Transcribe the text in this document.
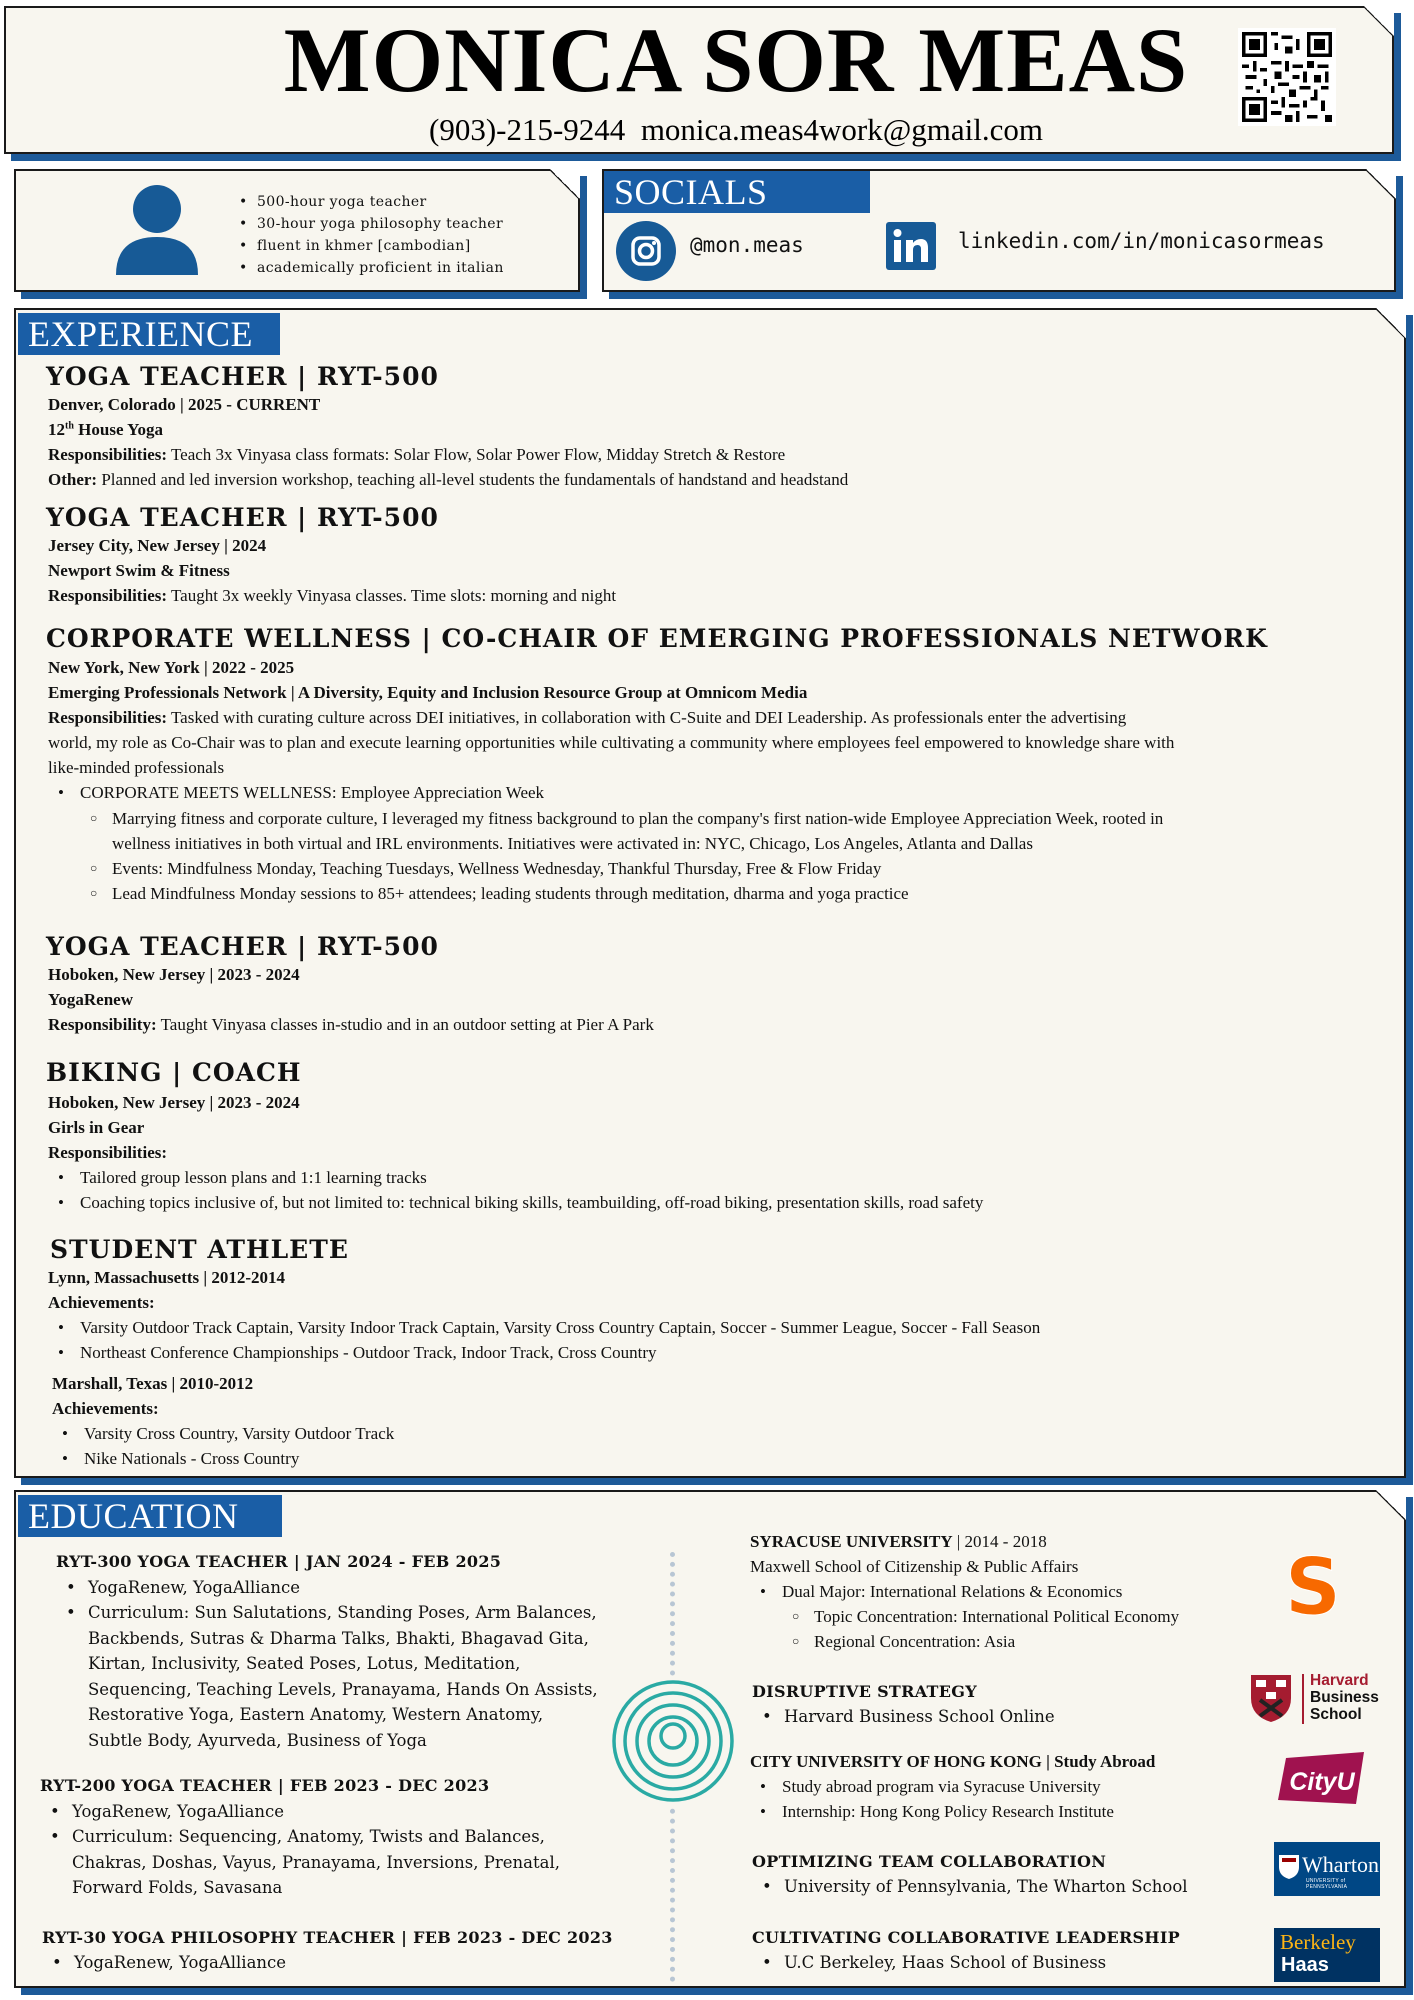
MONICA SOR MEAS
(903)-215-9244 monica.meas4work@gmail.com
• 500-hour yoga teacher
• 30-hour yoga philosophy teacher
• fluent in khmer [cambodian]
• academically proficient in italian
SOCIALS
@mon.meas	linkedin.com/in/monicasormeas
EXPERIENCE
YOGA TEACHER | RYT-500
Denver, Colorado | 2025 - CURRENT
12th House Yoga
Responsibilities: Teach 3x Vinyasa class formats: Solar Flow, Solar Power Flow, Midday Stretch & Restore
Other: Planned and led inversion workshop, teaching all-level students the fundamentals of handstand and headstand
YOGA TEACHER | RYT-500
Jersey City, New Jersey | 2024
Newport Swim & Fitness
Responsibilities: Taught 3x weekly Vinyasa classes. Time slots: morning and night
CORPORATE WELLNESS | CO-CHAIR OF EMERGING PROFESSIONALS NETWORK
New York, New York | 2022 - 2025
Emerging Professionals Network | A Diversity, Equity and Inclusion Resource Group at Omnicom Media
Responsibilities: Tasked with curating culture across DEI initiatives, in collaboration with C-Suite and DEI Leadership. As professionals enter the advertising
world, my role as Co-Chair was to plan and execute learning opportunities while cultivating a community where employees feel empowered to knowledge share with
like-minded professionals
• CORPORATE MEETS WELLNESS: Employee Appreciation Week
○ Marrying fitness and corporate culture, I leveraged my fitness background to plan the company's first nation-wide Employee Appreciation Week, rooted in
wellness initiatives in both virtual and IRL environments. Initiatives were activated in: NYC, Chicago, Los Angeles, Atlanta and Dallas
○ Events: Mindfulness Monday, Teaching Tuesdays, Wellness Wednesday, Thankful Thursday, Free & Flow Friday
○ Lead Mindfulness Monday sessions to 85+ attendees; leading students through meditation, dharma and yoga practice
YOGA TEACHER | RYT-500
Hoboken, New Jersey | 2023 - 2024
YogaRenew
Responsibility: Taught Vinyasa classes in-studio and in an outdoor setting at Pier A Park
BIKING | COACH
Hoboken, New Jersey | 2023 - 2024
Girls in Gear
Responsibilities:
• Tailored group lesson plans and 1:1 learning tracks
• Coaching topics inclusive of, but not limited to: technical biking skills, teambuilding, off-road biking, presentation skills, road safety
STUDENT ATHLETE
Lynn, Massachusetts | 2012-2014
Achievements:
• Varsity Outdoor Track Captain, Varsity Indoor Track Captain, Varsity Cross Country Captain, Soccer - Summer League, Soccer - Fall Season
• Northeast Conference Championships - Outdoor Track, Indoor Track, Cross Country
Marshall, Texas | 2010-2012
Achievements:
• Varsity Cross Country, Varsity Outdoor Track
• Nike Nationals - Cross Country
EDUCATION
RYT-300 YOGA TEACHER | JAN 2024 - FEB 2025
• YogaRenew, YogaAlliance
• Curriculum: Sun Salutations, Standing Poses, Arm Balances,
Backbends, Sutras & Dharma Talks, Bhakti, Bhagavad Gita,
Kirtan, Inclusivity, Seated Poses, Lotus, Meditation,
Sequencing, Teaching Levels, Pranayama, Hands On Assists,
Restorative Yoga, Eastern Anatomy, Western Anatomy,
Subtle Body, Ayurveda, Business of Yoga
RYT-200 YOGA TEACHER | FEB 2023 - DEC 2023
• YogaRenew, YogaAlliance
• Curriculum: Sequencing, Anatomy, Twists and Balances,
Chakras, Doshas, Vayus, Pranayama, Inversions, Prenatal,
Forward Folds, Savasana
RYT-30 YOGA PHILOSOPHY TEACHER | FEB 2023 - DEC 2023
• YogaRenew, YogaAlliance
SYRACUSE UNIVERSITY | 2014 - 2018
Maxwell School of Citizenship & Public Affairs
• Dual Major: International Relations & Economics
○ Topic Concentration: International Political Economy
○ Regional Concentration: Asia
DISRUPTIVE STRATEGY
• Harvard Business School Online
CITY UNIVERSITY OF HONG KONG | Study Abroad
• Study abroad program via Syracuse University
• Internship: Hong Kong Policy Research Institute
OPTIMIZING TEAM COLLABORATION
• University of Pennsylvania, The Wharton School
CULTIVATING COLLABORATIVE LEADERSHIP
• U.C Berkeley, Haas School of Business
S
Harvard
Business
School
CityU
Wharton
UNIVERSITY of PENNSYLVANIA
Berkeley
Haas
